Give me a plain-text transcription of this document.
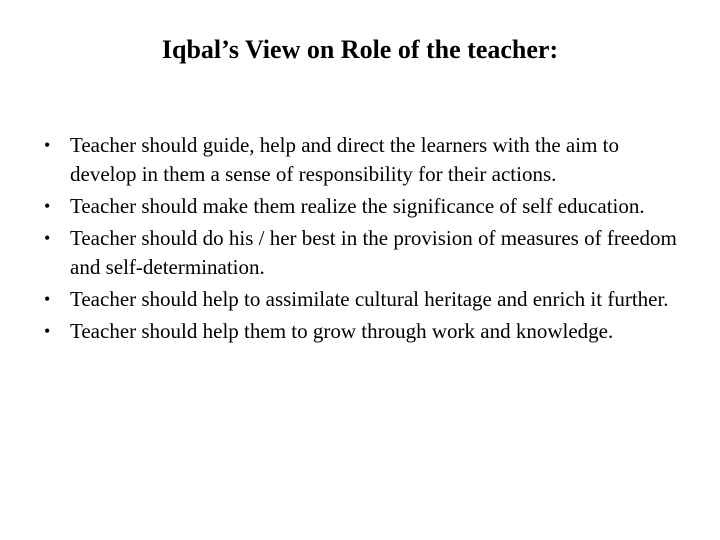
Iqbal’s View on Role of the teacher:
• Teacher should guide, help and direct the learners with the aim to develop in them a sense of responsibility for their actions.
• Teacher should make them realize the significance of self education.
• Teacher should do his / her best in the provision of measures of freedom and self-determination.
• Teacher should help to assimilate cultural heritage and enrich it further.
• Teacher should help them to grow through work and knowledge.
